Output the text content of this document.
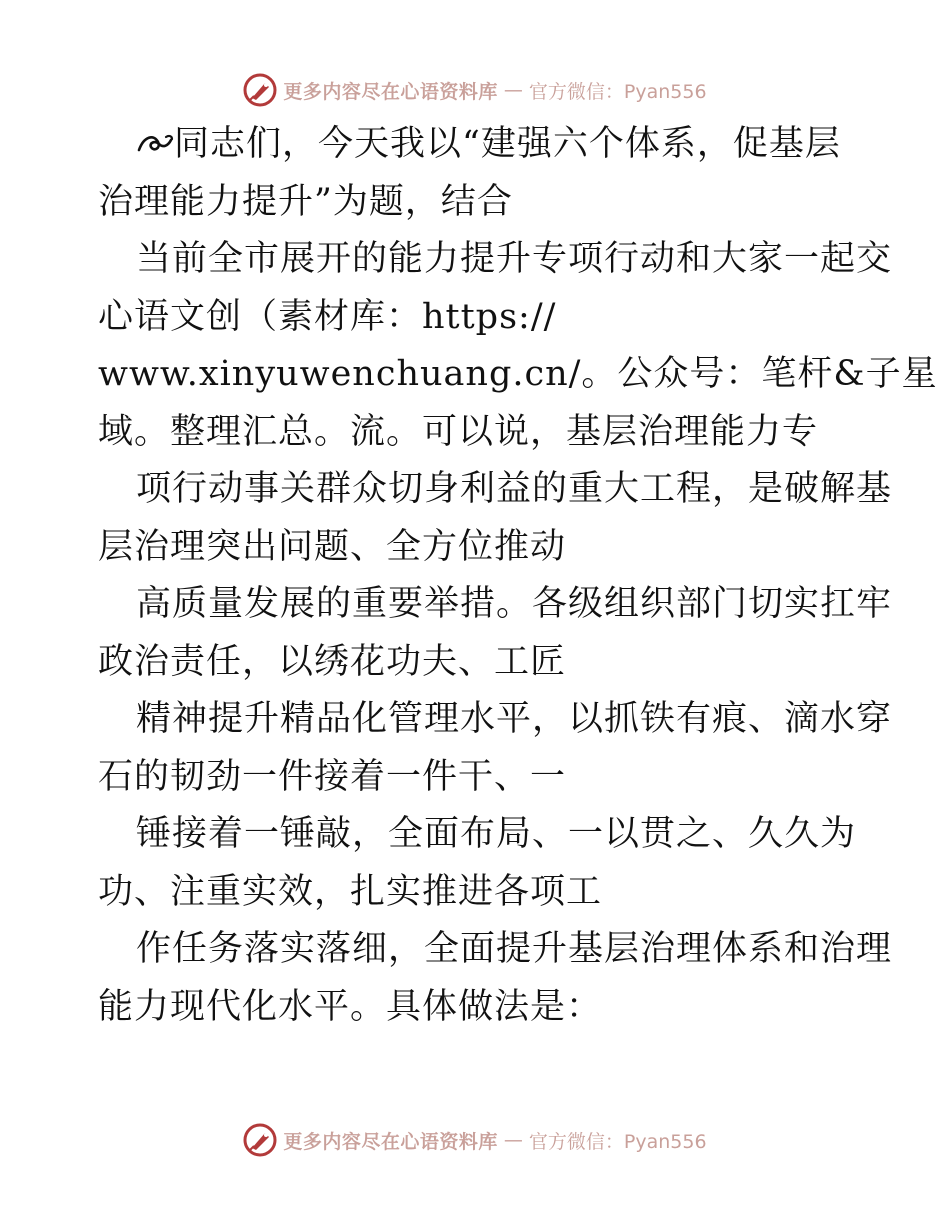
更多内容尽在心语资料库 — 官方微信：Pyan556
同志们，今天我以“建强六个体系，促基层
治理能力提升”为题，结合
当前全市展开的能力提升专项行动和大家一起交
心语文创（素材库：https://
www.xinyuwenchuang.cn/。公众号：笔杆&子星
域。整理汇总。流。可以说，基层治理能力专
项行动事关群众切身利益的重大工程，是破解基
层治理突出问题、全方位推动
高质量发展的重要举措。各级组织部门切实扛牢
政治责任，以绣花功夫、工匠
精神提升精品化管理水平，以抓铁有痕、滴水穿
石的韧劲一件接着一件干、一
锤接着一锤敲，全面布局、一以贯之、久久为
功、注重实效，扎实推进各项工
作任务落实落细，全面提升基层治理体系和治理
能力现代化水平。具体做法是：
更多内容尽在心语资料库 — 官方微信：Pyan556
